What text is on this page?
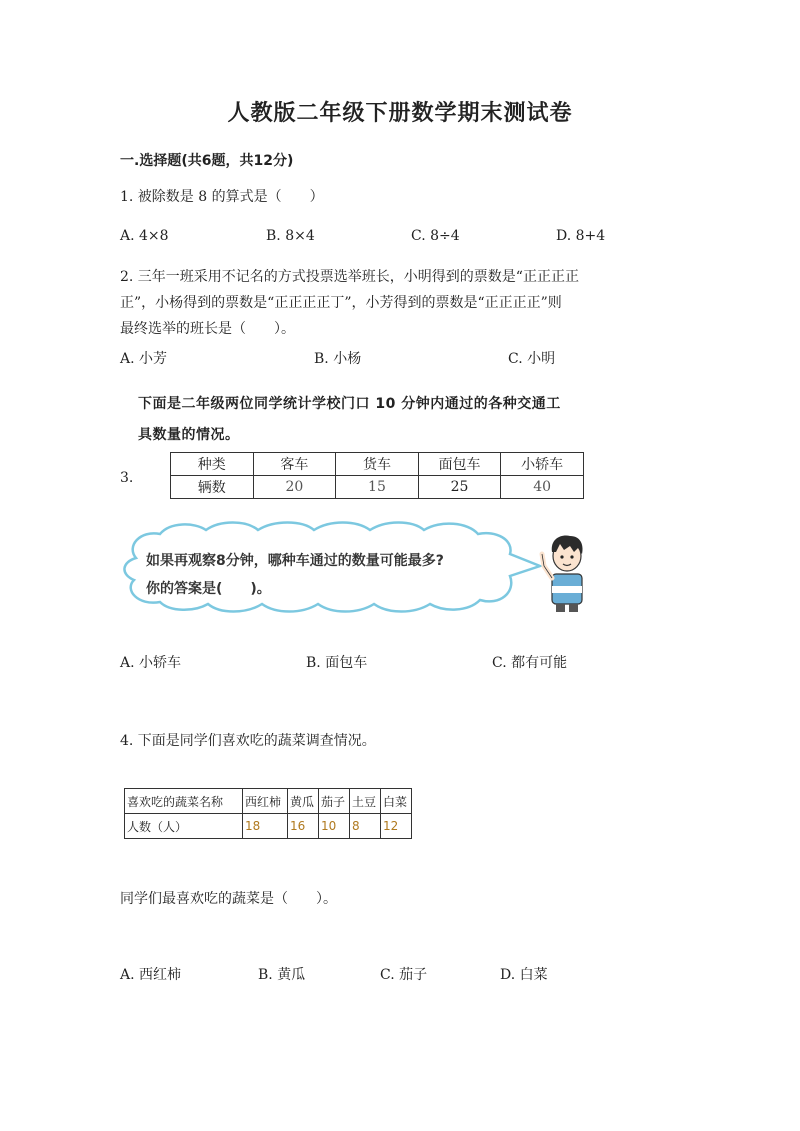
人教版二年级下册数学期末测试卷
一.选择题(共6题，共12分)
1. 被除数是 8 的算式是（　　）
A. 4×8	B. 8×4	C. 8÷4	D. 8+4
2. 三年一班采用不记名的方式投票选举班长，小明得到的票数是“正正正正
正”，小杨得到的票数是“正正正正丁”，小芳得到的票数是“正正正正”则
最终选举的班长是（　　）。
A. 小芳	B. 小杨	C. 小明
下面是二年级两位同学统计学校门口 10 分钟内通过的各种交通工
具数量的情况。
3.
种类	客车	货车	面包车	小轿车
辆数	20	15	25	40
如果再观察8分钟，哪种车通过的数量可能最多?
你的答案是(　　)。
A. 小轿车	B. 面包车	C. 都有可能
4. 下面是同学们喜欢吃的蔬菜调查情况。
喜欢吃的蔬菜名称	西红柿	黄瓜	茄子	土豆	白菜
人数（人）	18	16	10	8	12
同学们最喜欢吃的蔬菜是（　　）。
A. 西红柿	B. 黄瓜	C. 茄子	D. 白菜
